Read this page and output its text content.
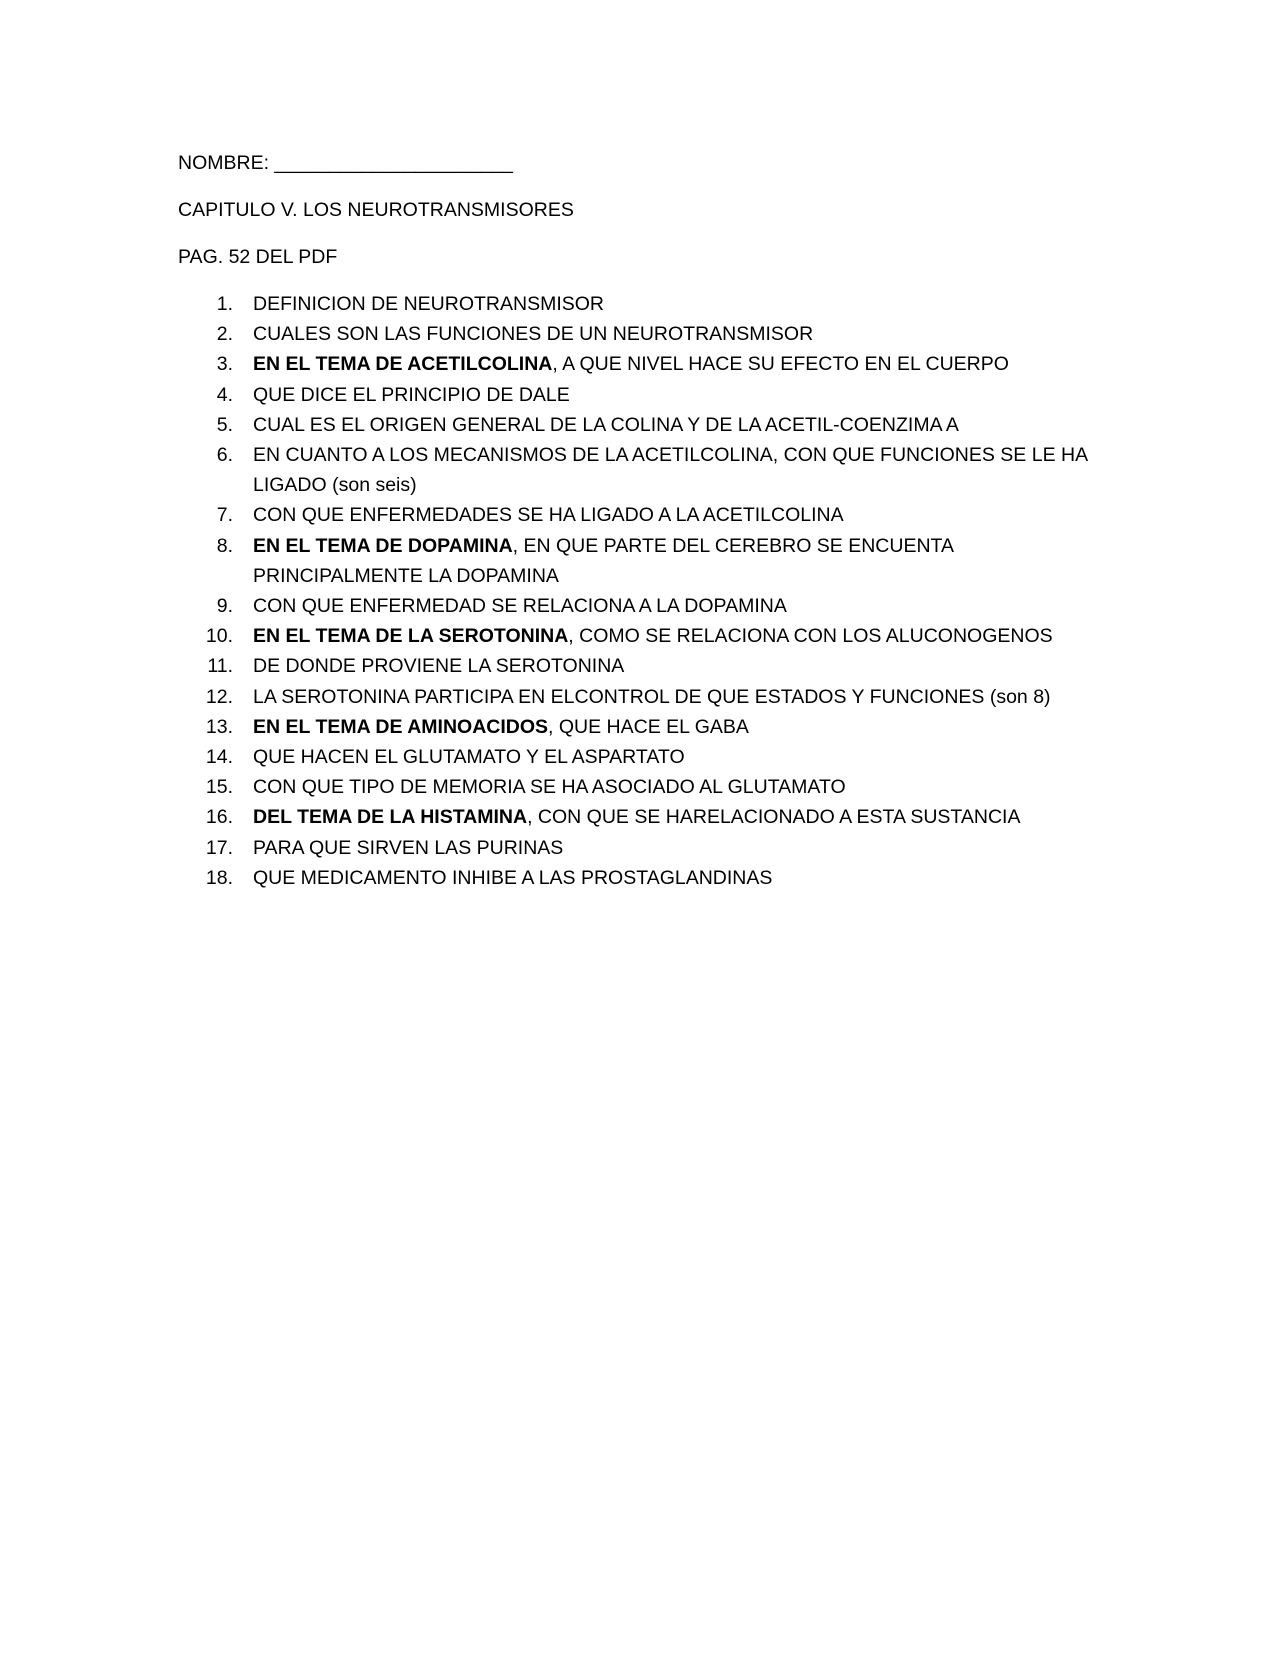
NOMBRE: ______________________
CAPITULO V. LOS NEUROTRANSMISORES
PAG. 52 DEL PDF
1. DEFINICION DE NEUROTRANSMISOR
2. CUALES SON LAS FUNCIONES DE UN NEUROTRANSMISOR
3. EN EL TEMA DE ACETILCOLINA, A QUE NIVEL HACE SU EFECTO EN EL CUERPO
4. QUE DICE EL PRINCIPIO DE DALE
5. CUAL ES EL ORIGEN GENERAL DE LA COLINA Y DE LA ACETIL-COENZIMA A
6. EN CUANTO A LOS MECANISMOS DE LA ACETILCOLINA, CON QUE FUNCIONES SE LE HA LIGADO (son seis)
7. CON QUE ENFERMEDADES SE HA LIGADO A LA ACETILCOLINA
8. EN EL TEMA DE DOPAMINA, EN QUE PARTE DEL CEREBRO SE ENCUENTA PRINCIPALMENTE LA DOPAMINA
9. CON QUE ENFERMEDAD SE RELACIONA A LA DOPAMINA
10. EN EL TEMA DE LA SEROTONINA, COMO SE RELACIONA CON LOS ALUCONOGENOS
11. DE DONDE PROVIENE LA SEROTONINA
12. LA SEROTONINA PARTICIPA EN ELCONTROL DE QUE ESTADOS Y FUNCIONES (son 8)
13. EN EL TEMA DE AMINOACIDOS, QUE HACE EL GABA
14. QUE HACEN EL GLUTAMATO Y EL ASPARTATO
15. CON QUE TIPO DE MEMORIA SE HA ASOCIADO AL GLUTAMATO
16. DEL TEMA DE LA HISTAMINA, CON QUE SE HARELACIONADO A ESTA SUSTANCIA
17. PARA QUE SIRVEN LAS PURINAS
18. QUE MEDICAMENTO INHIBE A LAS PROSTAGLANDINAS
